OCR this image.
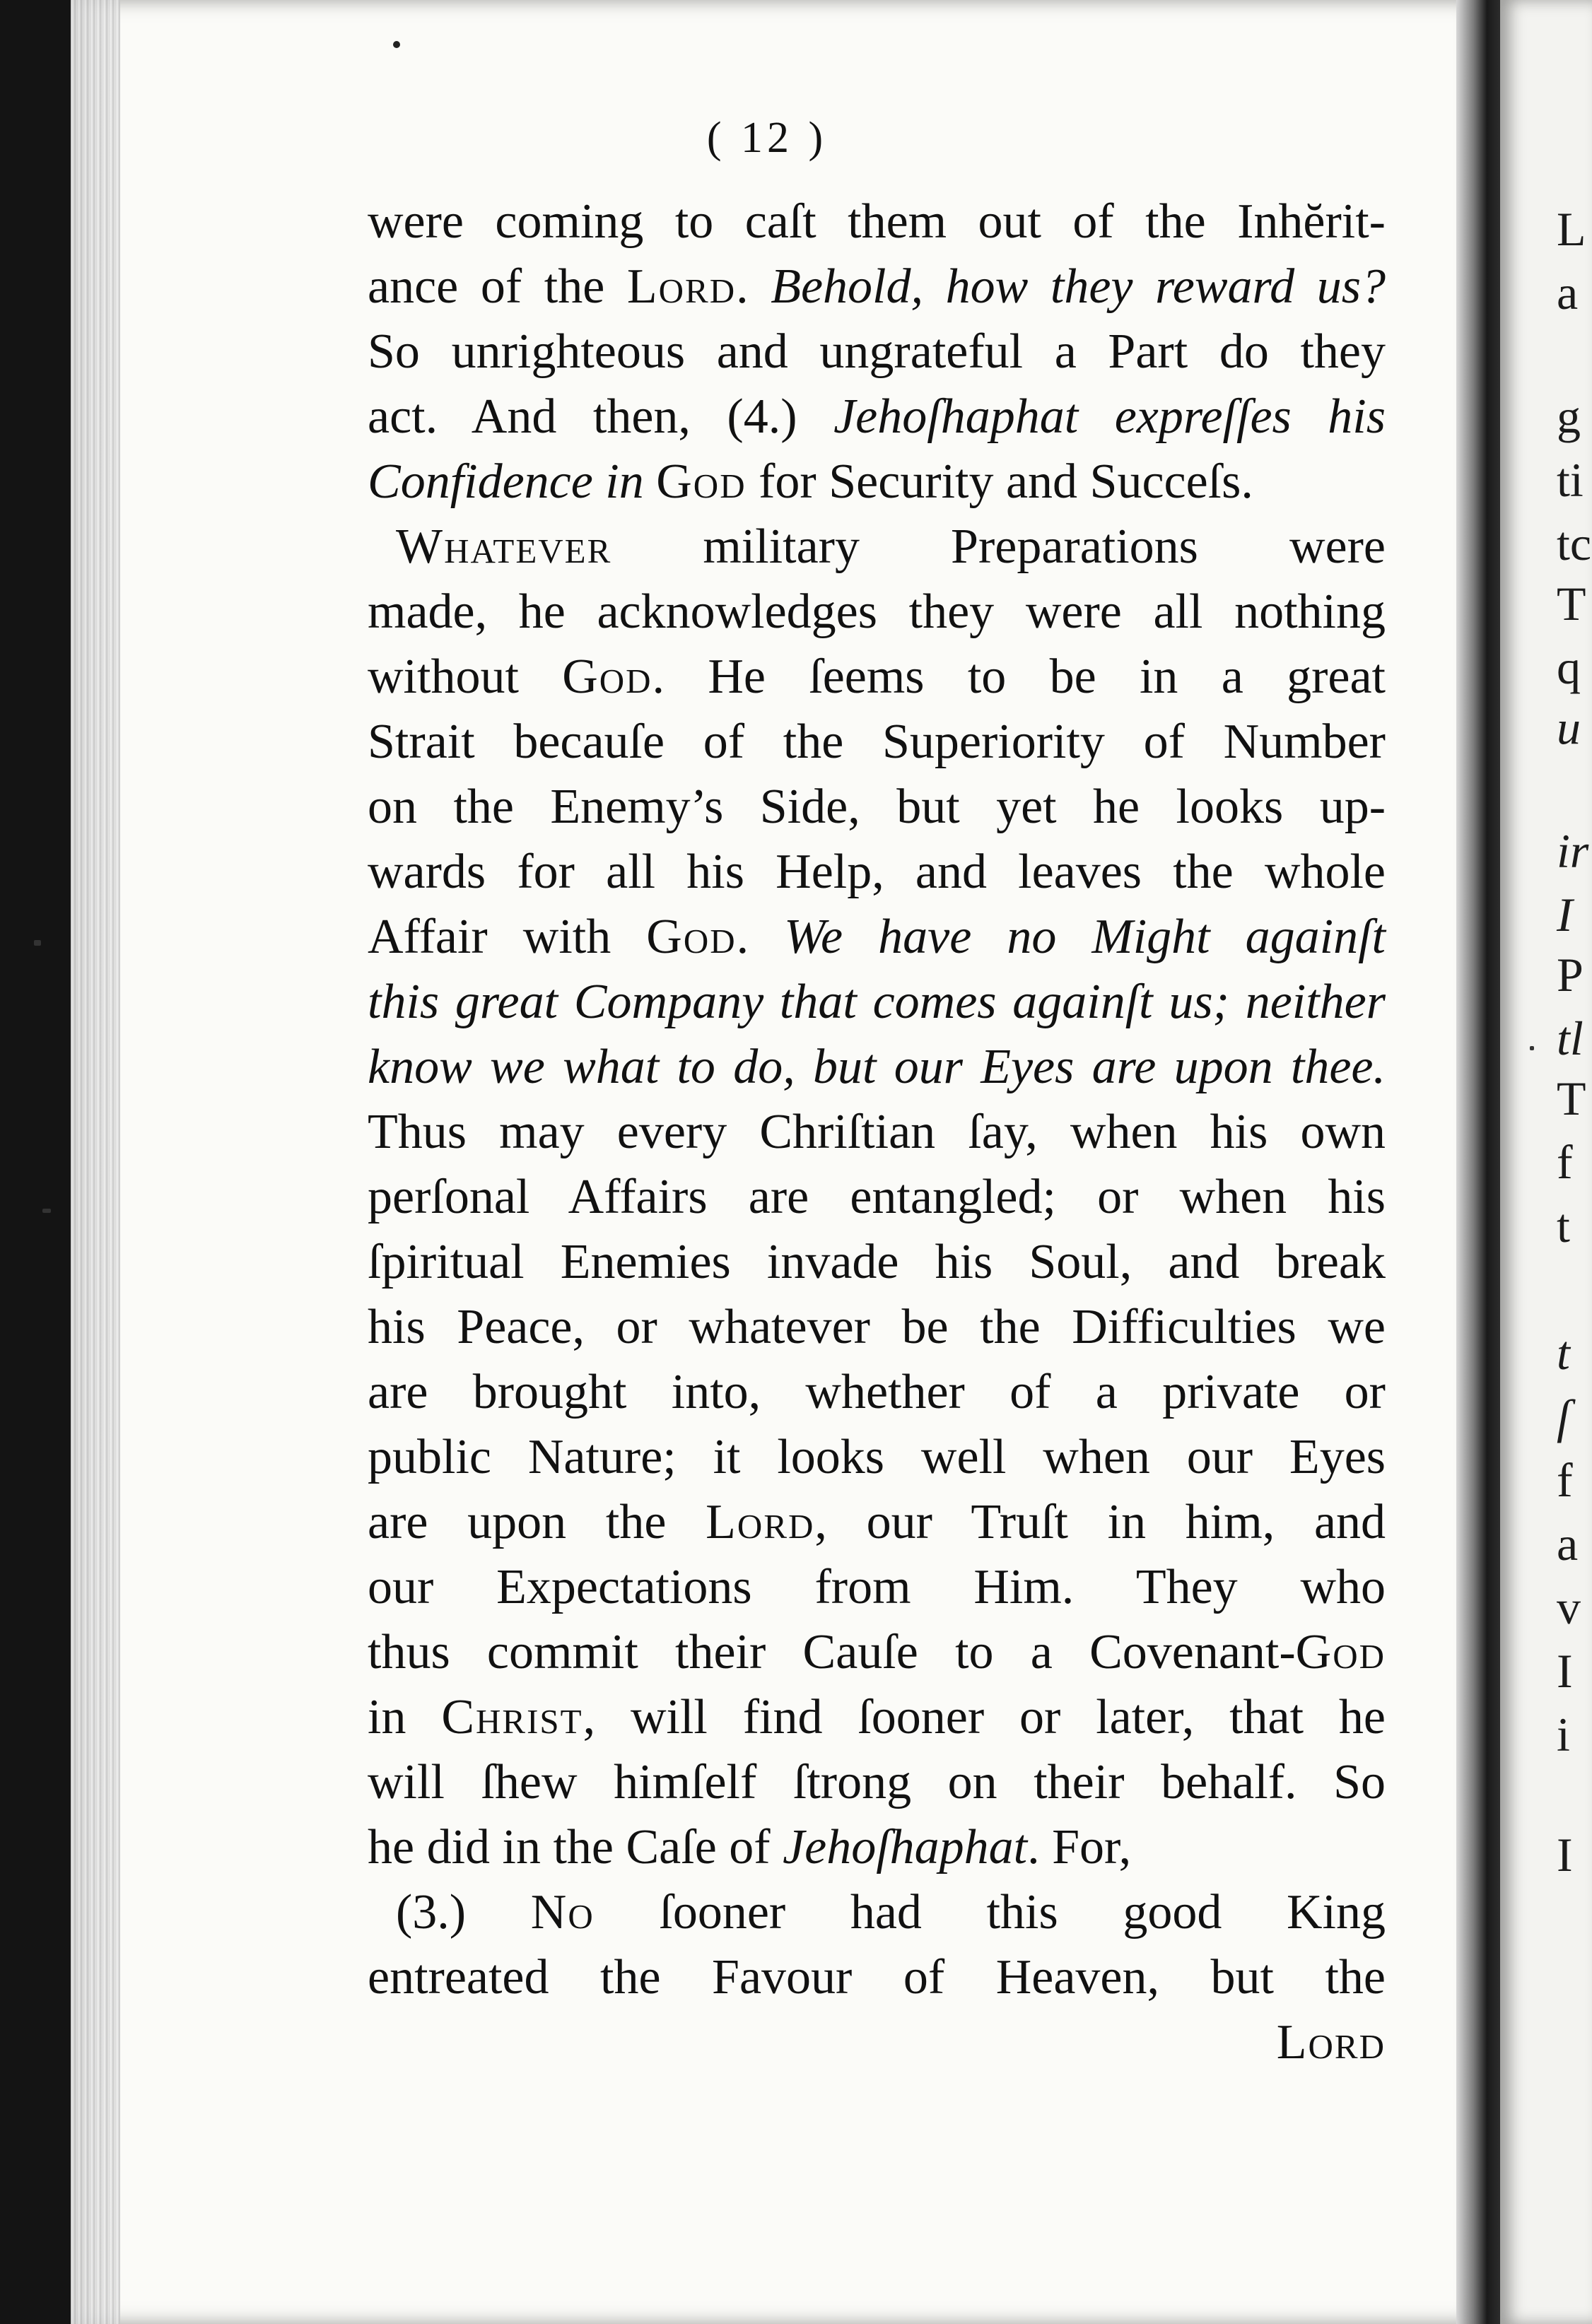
L
a
g
ti
tc
T
q
u
ir
I
P
tl
T
f
t
t
ſ
f
a
v
I
i
I
( 12 )
were coming to caſt them out of the Inhĕrit-
ance of the Lord. Behold, how they reward us?
So unrighteous and ungrateful a Part do they
act. And then, (4.) Jehoſhaphat expreſſes his
Confidence in God for Security and Succeſs.
Whatever military Preparations were
made, he acknowledges they were all nothing
without God. He ſeems to be in a great
Strait becauſe of the Superiority of Number
on the Enemy’s Side, but yet he looks up-
wards for all his Help, and leaves the whole
Affair with God. We have no Might againſt
this great Company that comes againſt us; neither
know we what to do, but our Eyes are upon thee.
Thus may every Chriſtian ſay, when his own
perſonal Affairs are entangled; or when his
ſpiritual Enemies invade his Soul, and break
his Peace, or whatever be the Difficulties we
are brought into, whether of a private or
public Nature; it looks well when our Eyes
are upon the Lord, our Truſt in him, and
our Expectations from Him. They who
thus commit their Cauſe to a Covenant-God
in Christ, will find ſooner or later, that he
will ſhew himſelf ſtrong on their behalf. So
he did in the Caſe of Jehoſhaphat. For,
(3.) No ſooner had this good King
entreated the Favour of Heaven, but the
Lord
